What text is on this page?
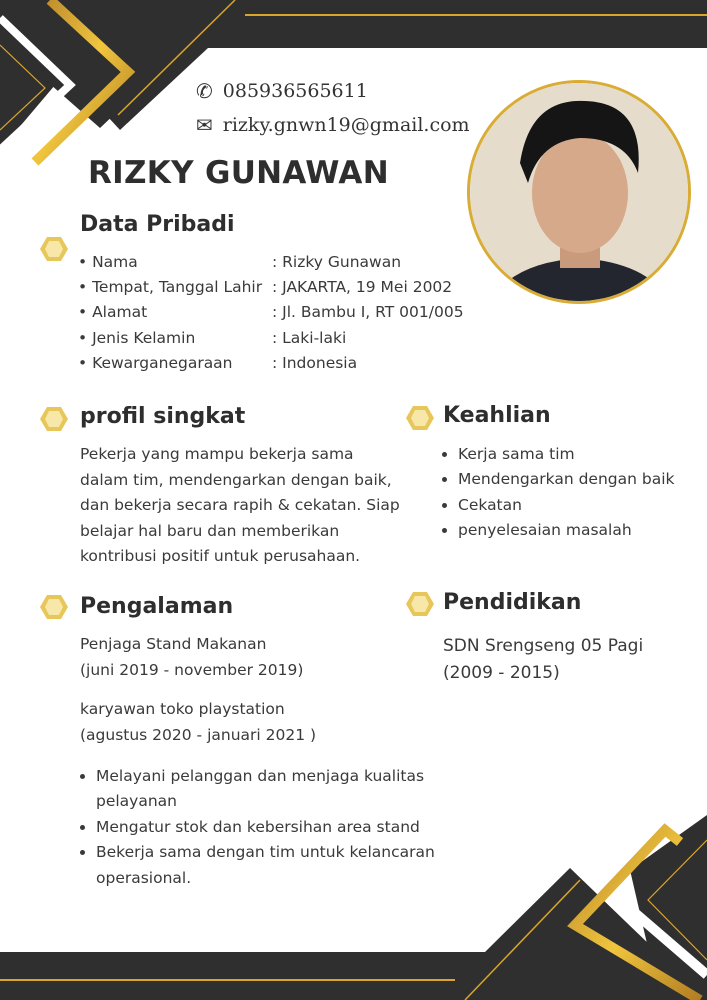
✆ 085936565611
✉ rizky.gnwn19@gmail.com
RIZKY GUNAWAN
Data Pribadi
• Nama	: Rizky Gunawan
• Tempat, Tanggal Lahir : JAKARTA, 19 Mei 2002
• Alamat	: Jl. Bambu I, RT 001/005
• Jenis Kelamin	: Laki-laki
• Kewarganegaraan	: Indonesia
profil singkat
Pekerja yang mampu bekerja sama
dalam tim, mendengarkan dengan baik,
dan bekerja secara rapih & cekatan. Siap
belajar hal baru dan memberikan
kontribusi positif untuk perusahaan.
Keahlian
• Kerja sama tim
• Mendengarkan dengan baik
• Cekatan
• penyelesaian masalah
Pengalaman
Penjaga Stand Makanan
(juni 2019 - november 2019)
karyawan toko playstation
(agustus 2020 - januari 2021 )
• Melayani pelanggan dan menjaga kualitas
pelayanan
• Mengatur stok dan kebersihan area stand
• Bekerja sama dengan tim untuk kelancaran
operasional.
Pendidikan
SDN Srengseng 05 Pagi
(2009 - 2015)
